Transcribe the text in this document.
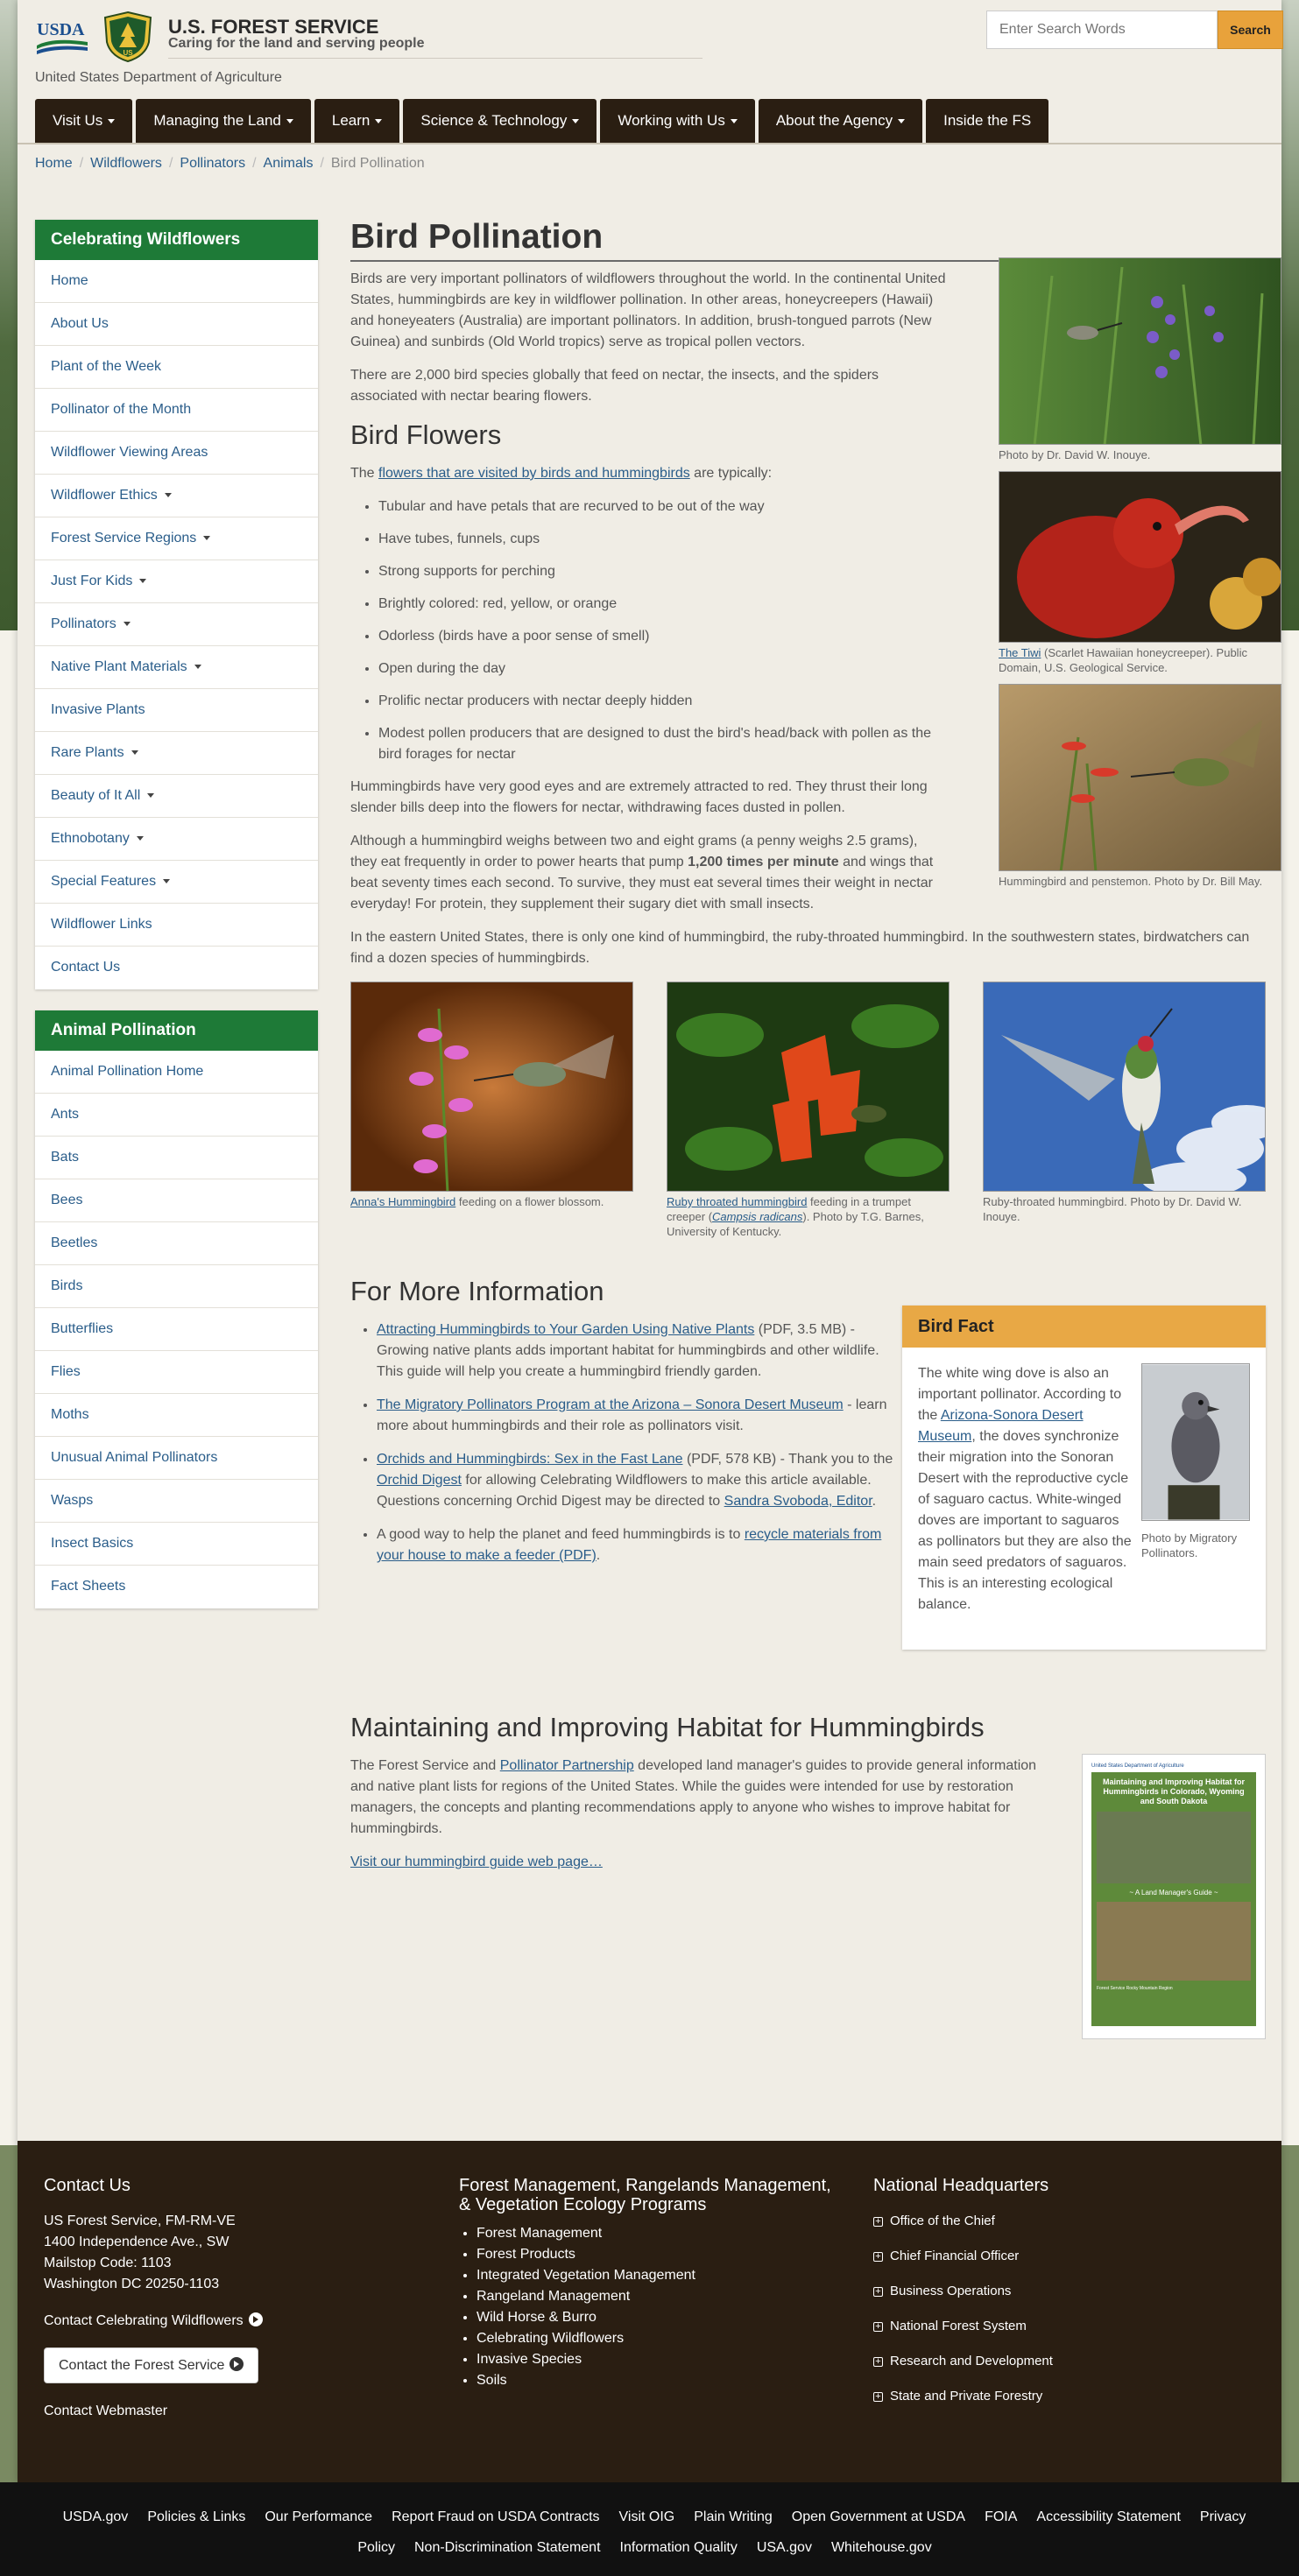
USDA
US
U.S. FOREST SERVICE
Caring for the land and serving people
United States Department of Agriculture
Enter Search Words
Search
Visit Us	Managing the Land	Learn	Science & Technology	Working with Us	About the Agency	Inside the FS
Home / Wildflowers / Pollinators / Animals / Bird Pollination
Celebrating Wildflowers
Home
About Us
Plant of the Week
Pollinator of the Month
Wildflower Viewing Areas
Wildflower Ethics
Forest Service Regions
Just For Kids
Pollinators
Native Plant Materials
Invasive Plants
Rare Plants
Beauty of It All
Ethnobotany
Special Features
Wildflower Links
Contact Us
Animal Pollination
Animal Pollination Home
Ants
Bats
Bees
Beetles
Birds
Butterflies
Flies
Moths
Unusual Animal Pollinators
Wasps
Insect Basics
Fact Sheets
Bird Pollination

Birds are very important pollinators of wildflowers throughout the world. In the continental United States, hummingbirds are key in wildflower pollination. In other areas, honeycreepers (Hawaii) and honeyeaters (Australia) are important pollinators. In addition, brush-tongued parrots (New Guinea) and sunbirds (Old World tropics) serve as tropical pollen vectors.

There are 2,000 bird species globally that feed on nectar, the insects, and the spiders associated with nectar bearing flowers.

Bird Flowers

The flowers that are visited by birds and hummingbirds are typically:

• Tubular and have petals that are recurved to be out of the way
• Have tubes, funnels, cups
• Strong supports for perching
• Brightly colored: red, yellow, or orange
• Odorless (birds have a poor sense of smell)
• Open during the day
• Prolific nectar producers with nectar deeply hidden
• Modest pollen producers that are designed to dust the bird's head/back with pollen as the bird forages for nectar

Hummingbirds have very good eyes and are extremely attracted to red. They thrust their long slender bills deep into the flowers for nectar, withdrawing faces dusted in pollen.

Although a hummingbird weighs between two and eight grams (a penny weighs 2.5 grams), they eat frequently in order to power hearts that pump 1,200 times per minute and wings that beat seventy times each second. To survive, they must eat several times their weight in nectar everyday! For protein, they supplement their sugary diet with small insects.

In the eastern United States, there is only one kind of hummingbird, the ruby-throated hummingbird. In the southwestern states, birdwatchers can find a dozen species of hummingbirds.

Photo by Dr. David W. Inouye.
The Tiwi (Scarlet Hawaiian honeycreeper). Public Domain, U.S. Geological Service.
Hummingbird and penstemon. Photo by Dr. Bill May.
Anna's Hummingbird feeding on a flower blossom.	Ruby throated hummingbird feeding in a trumpet creeper (Campsis radicans). Photo by T.G. Barnes, University of Kentucky.
Ruby-throated hummingbird. Photo by Dr. David W. Inouye.
For More Information
• Attracting Hummingbirds to Your Garden Using Native Plants (PDF, 3.5 MB) - Growing native plants adds important habitat for hummingbirds and other wildlife. This guide will help you create a hummingbird friendly garden.
• The Migratory Pollinators Program at the Arizona – Sonora Desert Museum - learn more about hummingbirds and their role as pollinators visit.
• Orchids and Hummingbirds: Sex in the Fast Lane (PDF, 578 KB) - Thank you to the Orchid Digest for allowing Celebrating Wildflowers to make this article available. Questions concerning Orchid Digest may be directed to Sandra Svoboda, Editor.
• A good way to help the planet and feed hummingbirds is to recycle materials from your house to make a feeder (PDF).
Bird Fact
Photo by Migratory Pollinators.
The white wing dove is also an important pollinator. According to the Arizona-Sonora Desert Museum, the doves synchronize their migration into the Sonoran Desert with the reproductive cycle of saguaro cactus. White-winged doves are important to saguaros as pollinators but they are also the main seed predators of saguaros. This is an interesting ecological balance.
Maintaining and Improving Habitat for Hummingbirds

The Forest Service and Pollinator Partnership developed land manager's guides to provide general information and native plant lists for regions of the United States. While the guides were intended for use by restoration managers, the concepts and planting recommendations apply to anyone who wishes to improve habitat for hummingbirds.

Visit our hummingbird guide web page…

United States Department of Agriculture
Maintaining and Improving Habitat for Hummingbirds in Colorado, Wyoming and South Dakota
~ A Land Manager's Guide ~
Forest Service Rocky Mountain Region
Contact Us
US Forest Service, FM-RM-VE
1400 Independence Ave., SW
Mailstop Code: 1103
Washington DC 20250-1103
Contact Celebrating Wildflowers
Contact the Forest Service
Contact Webmaster
Forest Management, Rangelands Management, & Vegetation Ecology Programs
• Forest Management
• Forest Products
• Integrated Vegetation Management
• Rangeland Management
• Wild Horse & Burro
• Celebrating Wildflowers
• Invasive Species
• Soils
National Headquarters
+ Office of the Chief
+ Chief Financial Officer
+ Business Operations
+ National Forest System
+ Research and Development
+ State and Private Forestry
USDA.gov Policies & Links Our Performance Report Fraud on USDA Contracts Visit OIG Plain Writing Open Government at USDA FOIA Accessibility Statement Privacy Policy Non-Discrimination Statement Information Quality USA.gov Whitehouse.gov
